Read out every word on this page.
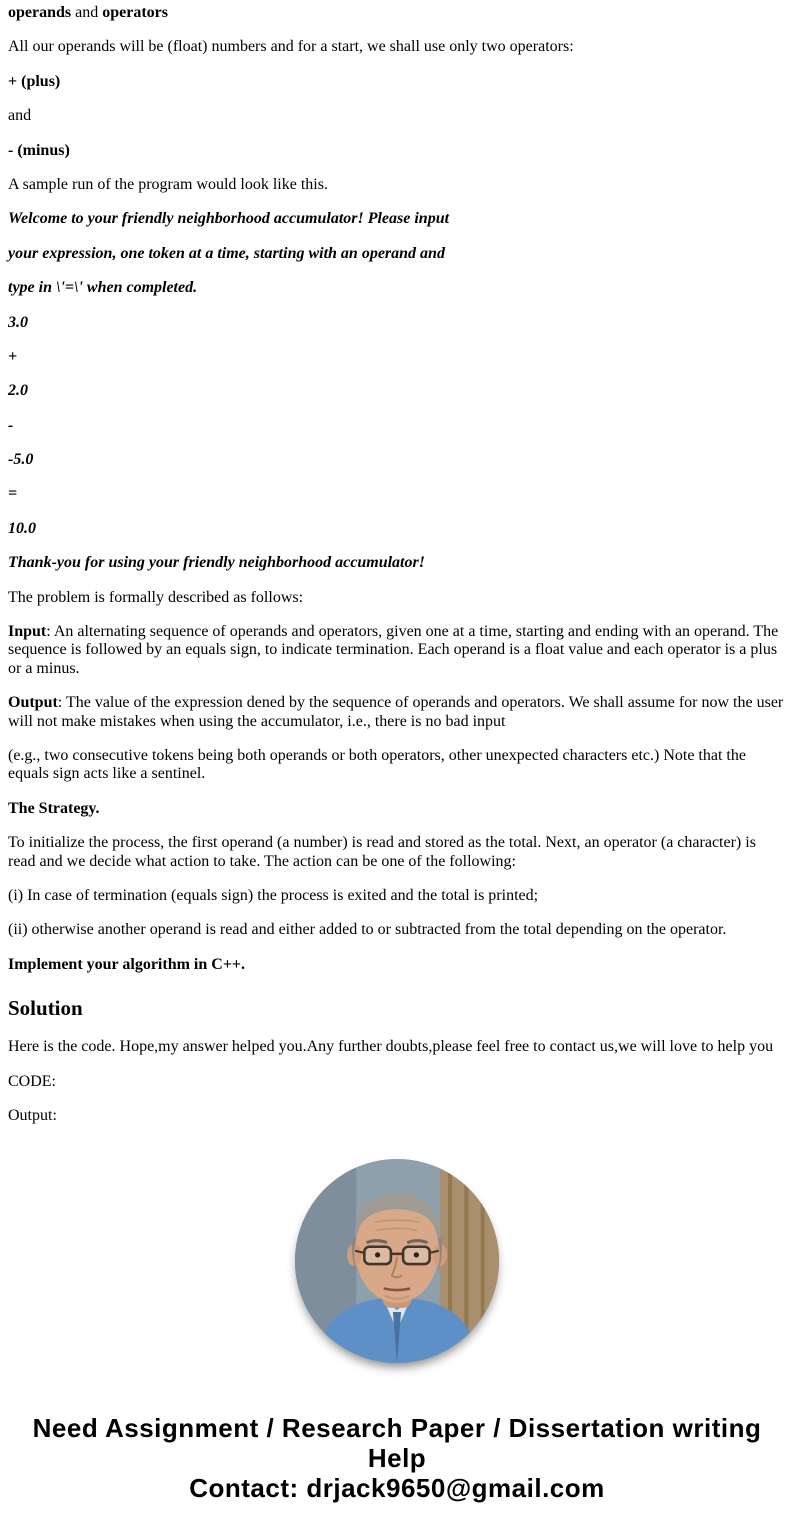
operands and operators

All our operands will be (float) numbers and for a start, we shall use only two operators:

+ (plus)

and

- (minus)

A sample run of the program would look like this.

Welcome to your friendly neighborhood accumulator! Please input

your expression, one token at a time, starting with an operand and

type in \'=\' when completed.

3.0

+

2.0

-

-5.0

=

10.0

Thank-you for using your friendly neighborhood accumulator!

The problem is formally described as follows:

Input: An alternating sequence of operands and operators, given one at a time, starting and ending with an operand. The sequence is followed by an equals sign, to indicate termination. Each operand is a float value and each operator is a plus or a minus.

Output: The value of the expression dened by the sequence of operands and operators. We shall assume for now the user will not make mistakes when using the accumulator, i.e., there is no bad input

(e.g., two consecutive tokens being both operands or both operators, other unexpected characters etc.) Note that the equals sign acts like a sentinel.

The Strategy.

To initialize the process, the first operand (a number) is read and stored as the total. Next, an operator (a character) is read and we decide what action to take. The action can be one of the following:

(i) In case of termination (equals sign) the process is exited and the total is printed;

(ii) otherwise another operand is read and either added to or subtracted from the total depending on the operator.

Implement your algorithm in C++.

Solution

Here is the code. Hope,my answer helped you.Any further doubts,please feel free to contact us,we will love to help you

CODE:

Output:

Need Assignment / Research Paper / Dissertation writing Help
Contact: drjack9650@gmail.com
